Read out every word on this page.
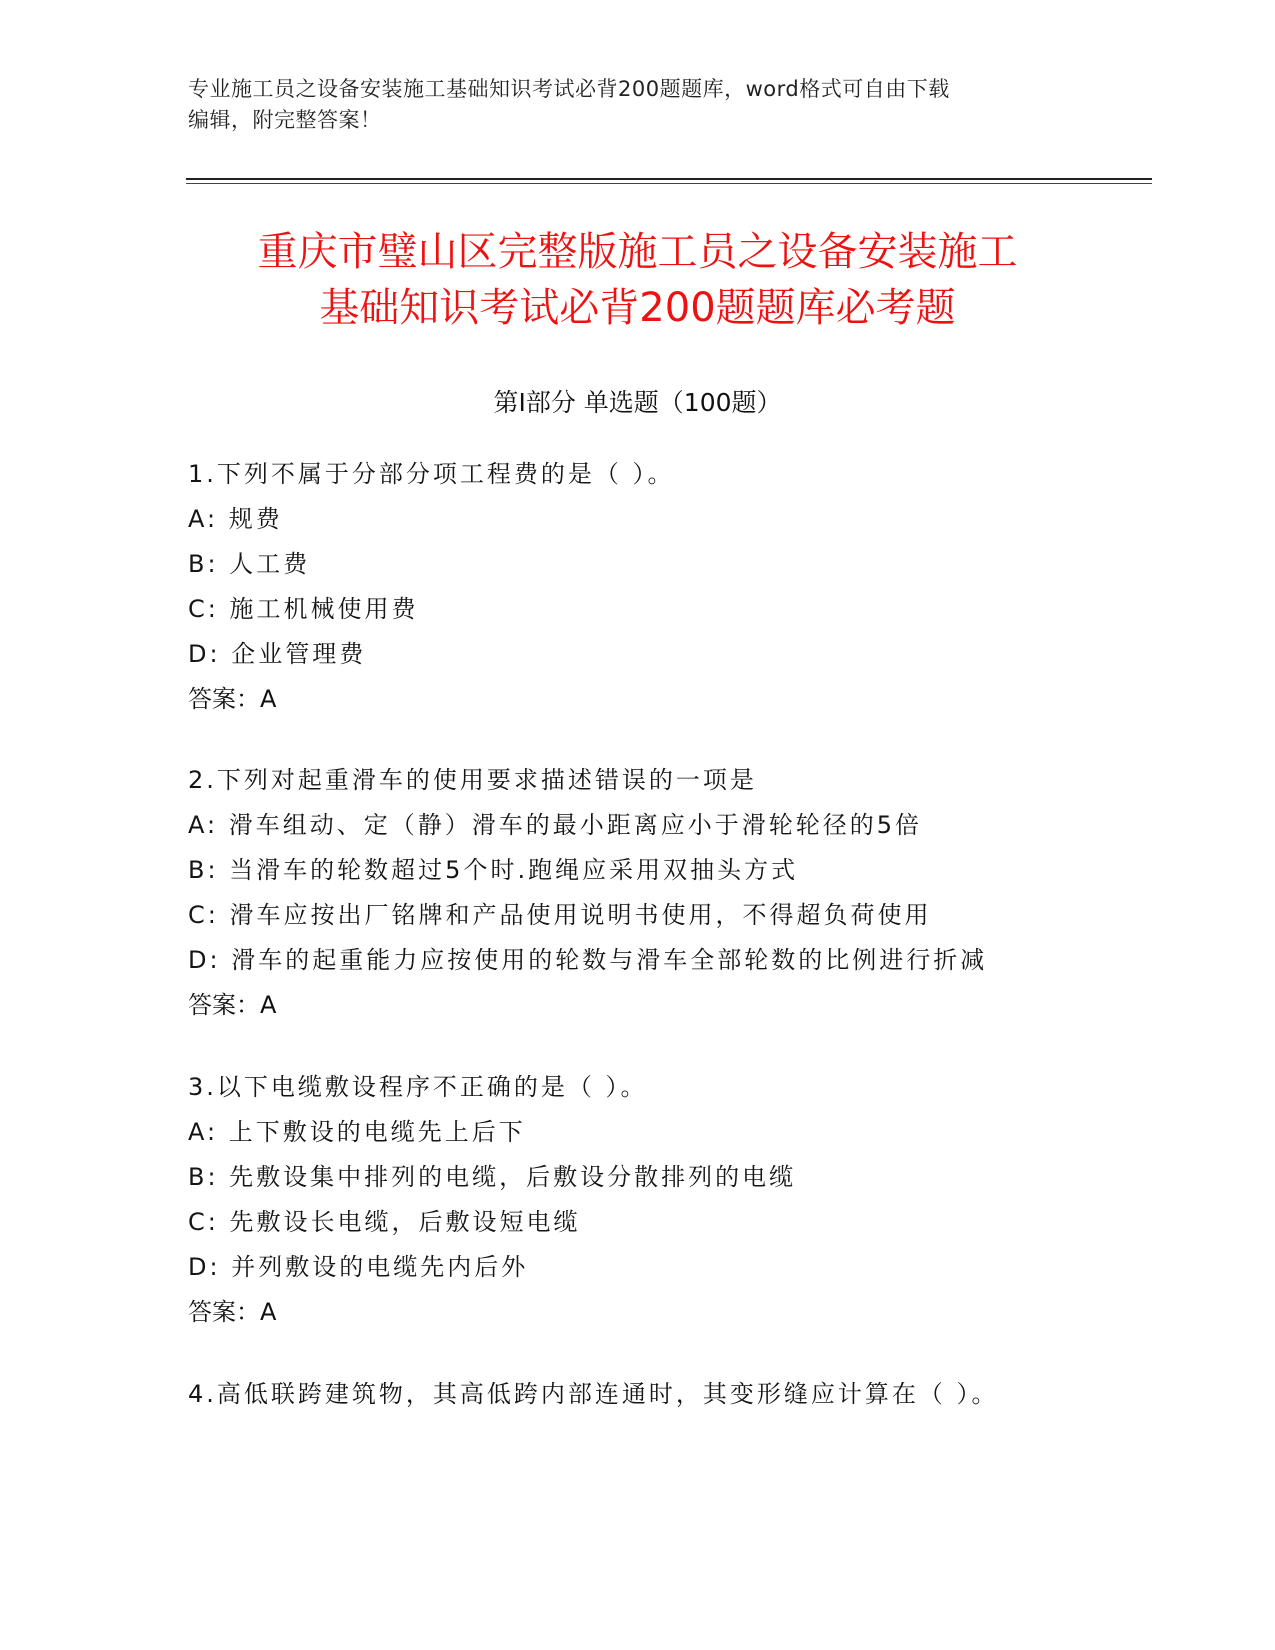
专业施工员之设备安装施工基础知识考试必背200题题库，word格式可自由下载
编辑，附完整答案！
重庆市璧山区完整版施工员之设备安装施工
基础知识考试必背200题题库必考题
第Ⅰ部分 单选题（100题）
1.下列不属于分部分项工程费的是（ ）。
A: 规费
B: 人工费
C: 施工机械使用费
D: 企业管理费
答案：A
2.下列对起重滑车的使用要求描述错误的一项是
A: 滑车组动、定（静）滑车的最小距离应小于滑轮轮径的5倍
B: 当滑车的轮数超过5个时.跑绳应采用双抽头方式
C: 滑车应按出厂铭牌和产品使用说明书使用，不得超负荷使用
D: 滑车的起重能力应按使用的轮数与滑车全部轮数的比例进行折减
答案：A
3.以下电缆敷设程序不正确的是（ ）。
A: 上下敷设的电缆先上后下
B: 先敷设集中排列的电缆，后敷设分散排列的电缆
C: 先敷设长电缆，后敷设短电缆
D: 并列敷设的电缆先内后外
答案：A
4.高低联跨建筑物，其高低跨内部连通时，其变形缝应计算在（ ）。
